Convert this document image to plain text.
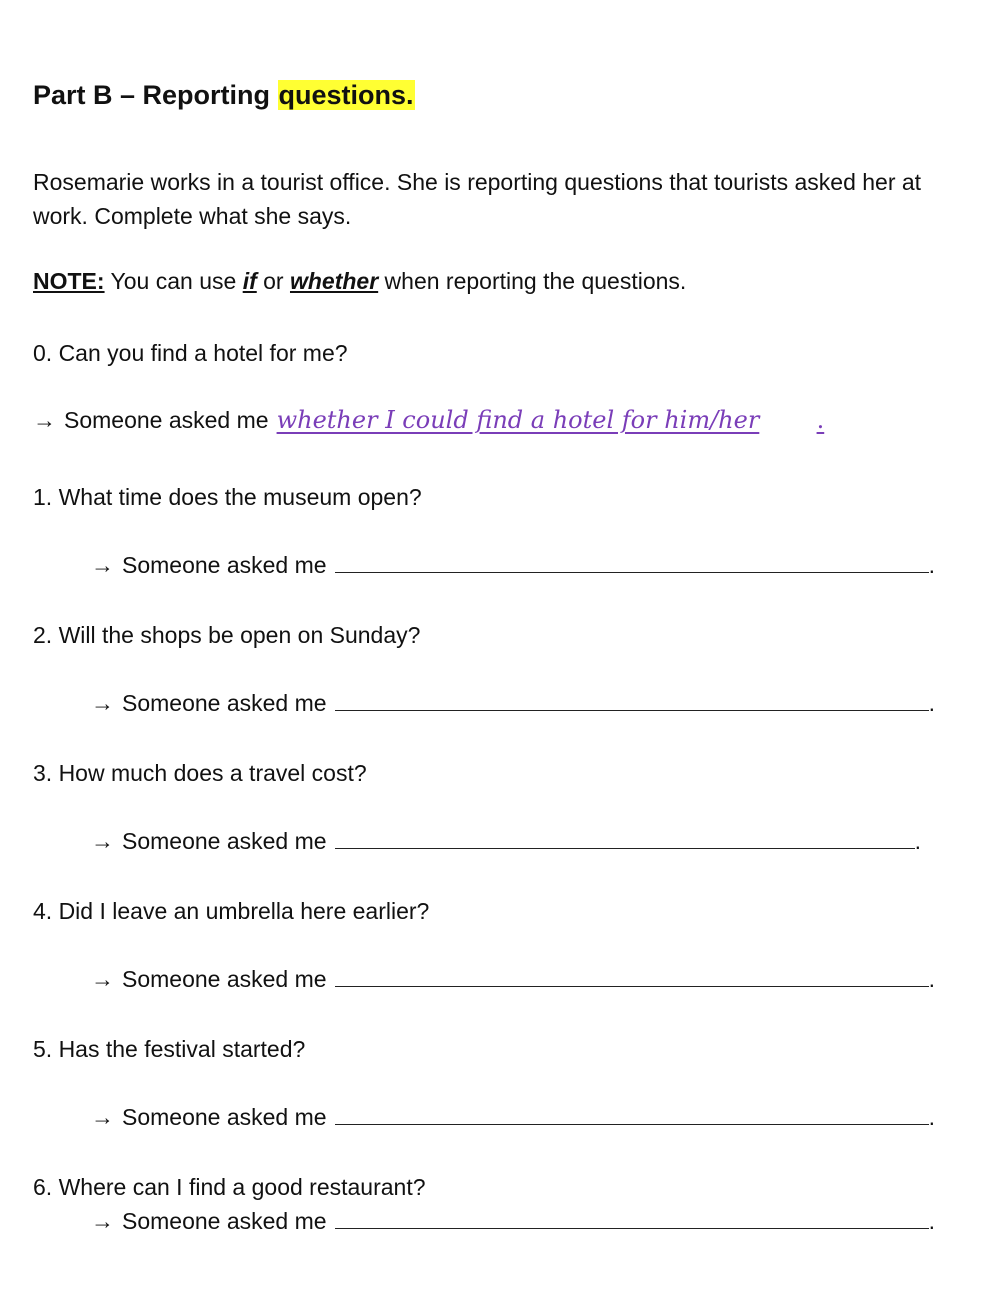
Part B – Reporting questions.

Rosemarie works in a tourist office. She is reporting questions that tourists asked her at work. Complete what she says.

NOTE: You can use if or whether when reporting the questions.

0. Can you find a hotel for me?

→ Someone asked me whether I could find a hotel for him/her	.

1. What time does the museum open?

→ Someone asked me	.

2. Will the shops be open on Sunday?

→ Someone asked me	.

3. How much does a travel cost?

→ Someone asked me	.

4. Did I leave an umbrella here earlier?

→ Someone asked me	.

5. Has the festival started?

→ Someone asked me	.

6. Where can I find a good restaurant?

→ Someone asked me	.
